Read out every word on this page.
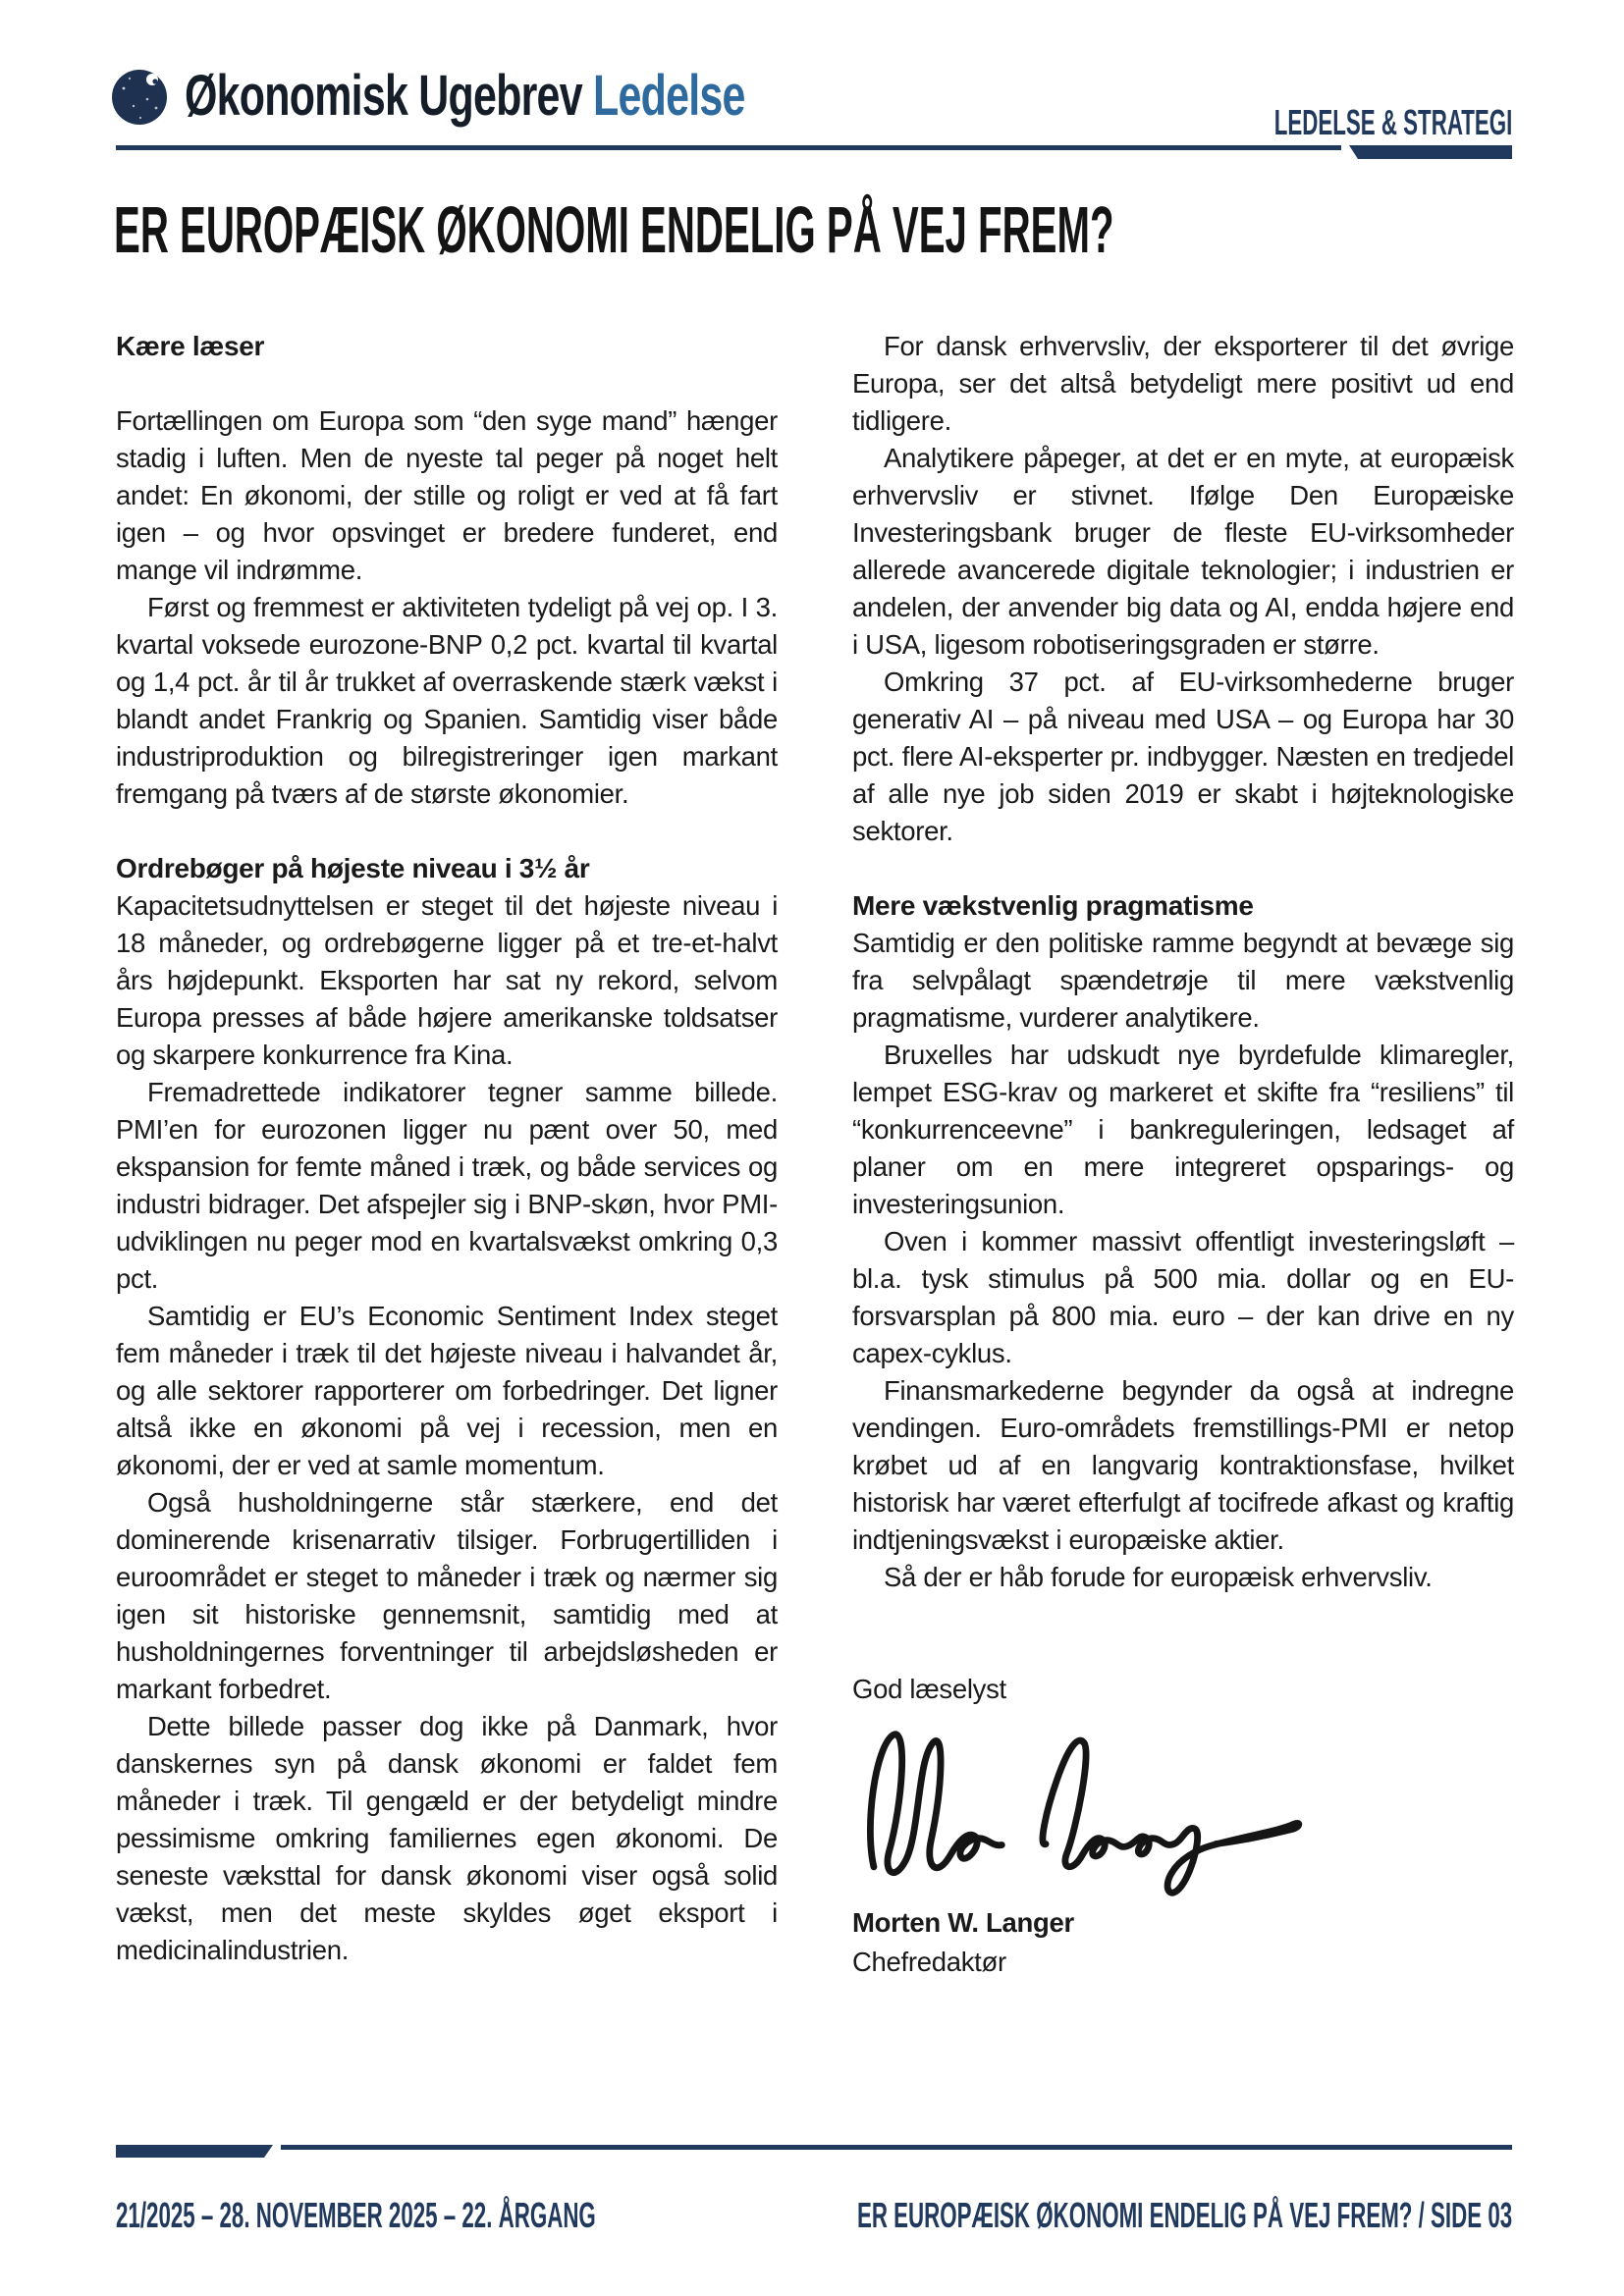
Økonomisk Ugebrev Ledelse	LEDELSE & STRATEGI
ER EUROPÆISK ØKONOMI ENDELIG PÅ VEJ FREM?
Kære læser

Fortællingen om Europa som “den syge mand” hænger stadig i luften. Men de nyeste tal peger på noget helt andet: En økonomi, der stille og roligt er ved at få fart igen – og hvor opsvinget er bredere funderet, end mange vil indrømme.

Først og fremmest er aktiviteten tydeligt på vej op. I 3. kvartal voksede eurozone-BNP 0,2 pct. kvartal til kvartal og 1,4 pct. år til år trukket af overraskende stærk vækst i blandt andet Frankrig og Spanien. Samtidig viser både industriproduktion og bilregistreringer igen markant fremgang på tværs af de største økonomier.

Ordrebøger på højeste niveau i 3½ år

Kapacitetsudnyttelsen er steget til det højeste niveau i 18 måneder, og ordrebøgerne ligger på et tre-et-halvt års højdepunkt. Eksporten har sat ny rekord, selvom Europa presses af både højere amerikanske toldsatser og skarpere konkurrence fra Kina.

Fremadrettede indikatorer tegner samme billede. PMI’en for eurozonen ligger nu pænt over 50, med ekspansion for femte måned i træk, og både services og industri bidrager. Det afspejler sig i BNP-skøn, hvor PMI-udviklingen nu peger mod en kvartalsvækst omkring 0,3 pct.

Samtidig er EU’s Economic Sentiment Index steget fem måneder i træk til det højeste niveau i halvandet år, og alle sektorer rapporterer om forbedringer. Det ligner altså ikke en økonomi på vej i recession, men en økonomi, der er ved at samle momentum.

Også husholdningerne står stærkere, end det dominerende krisenarrativ tilsiger. Forbrugertilliden i euroområdet er steget to måneder i træk og nærmer sig igen sit historiske gennemsnit, samtidig med at husholdningernes forventninger til arbejdsløsheden er markant forbedret.

Dette billede passer dog ikke på Danmark, hvor danskernes syn på dansk økonomi er faldet fem måneder i træk. Til gengæld er der betydeligt mindre pessimisme omkring familiernes egen økonomi. De seneste væksttal for dansk økonomi viser også solid vækst, men det meste skyldes øget eksport i medicinalindustrien.

For dansk erhvervsliv, der eksporterer til det øvrige Europa, ser det altså betydeligt mere positivt ud end tidligere.

Analytikere påpeger, at det er en myte, at europæisk erhvervsliv er stivnet. Ifølge Den Europæiske Investeringsbank bruger de fleste EU-virksomheder allerede avancerede digitale teknologier; i industrien er andelen, der anvender big data og AI, endda højere end i USA, ligesom robotiseringsgraden er større.

Omkring 37 pct. af EU-virksomhederne bruger generativ AI – på niveau med USA – og Europa har 30 pct. flere AI-eksperter pr. indbygger. Næsten en tredjedel af alle nye job siden 2019 er skabt i højteknologiske sektorer.

Mere vækstvenlig pragmatisme

Samtidig er den politiske ramme begyndt at bevæge sig fra selvpålagt spændetrøje til mere vækstvenlig pragmatisme, vurderer analytikere.

Bruxelles har udskudt nye byrdefulde klimaregler, lempet ESG-krav og markeret et skifte fra “resiliens” til “konkurrenceevne” i bankreguleringen, ledsaget af planer om en mere integreret opsparings- og investeringsunion.

Oven i kommer massivt offentligt investeringsløft – bl.a. tysk stimulus på 500 mia. dollar og en EU-forsvarsplan på 800 mia. euro – der kan drive en ny capex-cyklus.

Finansmarkederne begynder da også at indregne vendingen. Euro-områdets fremstillings-PMI er netop krøbet ud af en langvarig kontraktionsfase, hvilket historisk har været efterfulgt af tocifrede afkast og kraftig indtjeningsvækst i europæiske aktier.

Så der er håb forude for europæisk erhvervsliv.

God læselyst

Morten W. Langer
Chefredaktør
21/2025 – 28. NOVEMBER 2025 – 22. ÅRGANG	ER EUROPÆISK ØKONOMI ENDELIG PÅ VEJ FREM? / SIDE 03
